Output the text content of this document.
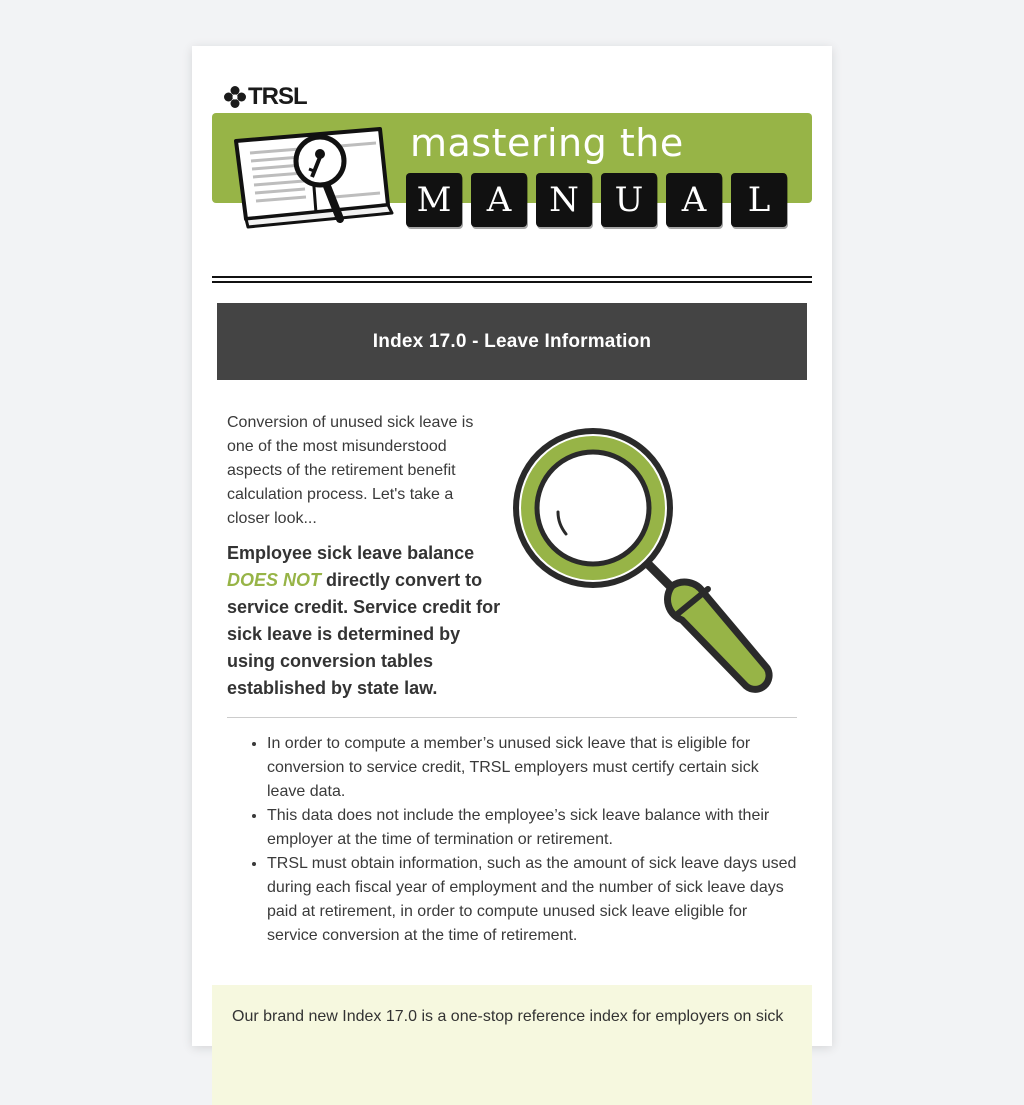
TRSL
mastering the
M	A	N	U	A	L
Index 17.0 - Leave Information
Conversion of unused sick leave is one of the most misunderstood aspects of the retirement benefit calculation process. Let's take a closer look...
Employee sick leave balance DOES NOT directly convert to service credit. Service credit for sick leave is determined by using conversion tables established by state law.
• In order to compute a member’s unused sick leave that is eligible for conversion to service credit, TRSL employers must certify certain sick leave data.
• This data does not include the employee’s sick leave balance with their employer at the time of termination or retirement.
• TRSL must obtain information, such as the amount of sick leave days used during each fiscal year of employment and the number of sick leave days paid at retirement, in order to compute unused sick leave eligible for service conversion at the time of retirement.

Our brand new Index 17.0 is a one-stop reference index for employers on sick
